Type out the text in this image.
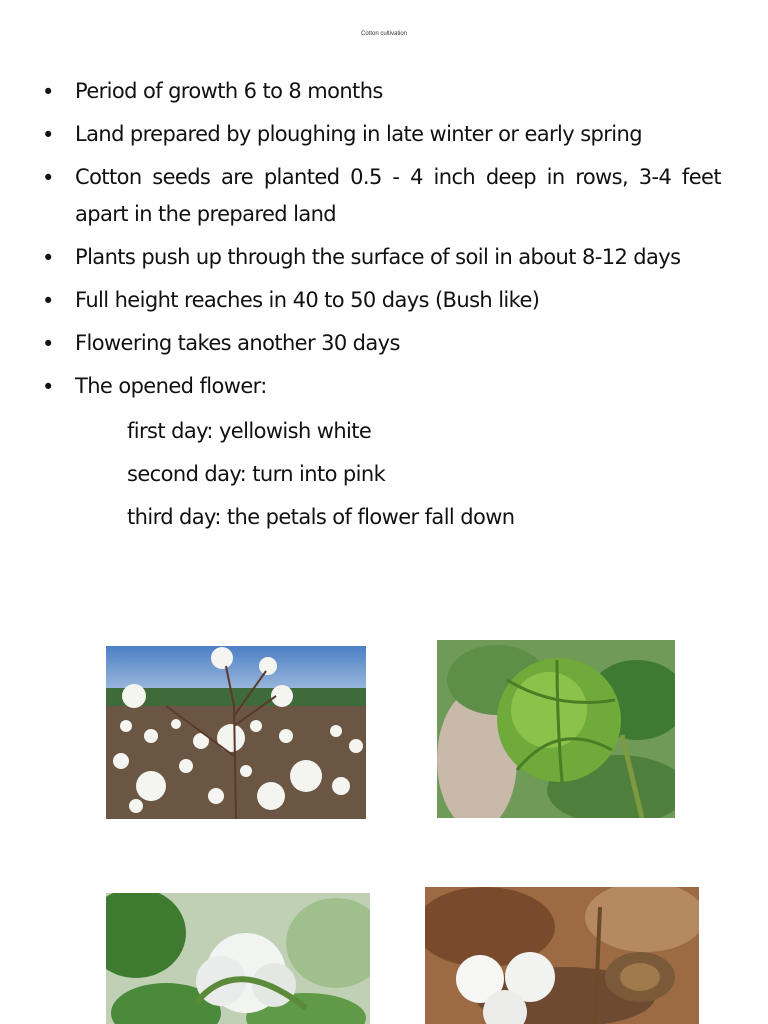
Cotton cultivation
• Period of growth 6 to 8 months
• Land prepared by ploughing in late winter or early spring
• Cotton seeds are planted 0.5 - 4 inch deep in rows, 3-4 feet apart in the prepared land
• Plants push up through the surface of soil in about 8-12 days
• Full height reaches in 40 to 50 days (Bush like)
• Flowering takes another 30 days
• The opened flower:
first day: yellowish white
second day: turn into pink
third day: the petals of flower fall down
